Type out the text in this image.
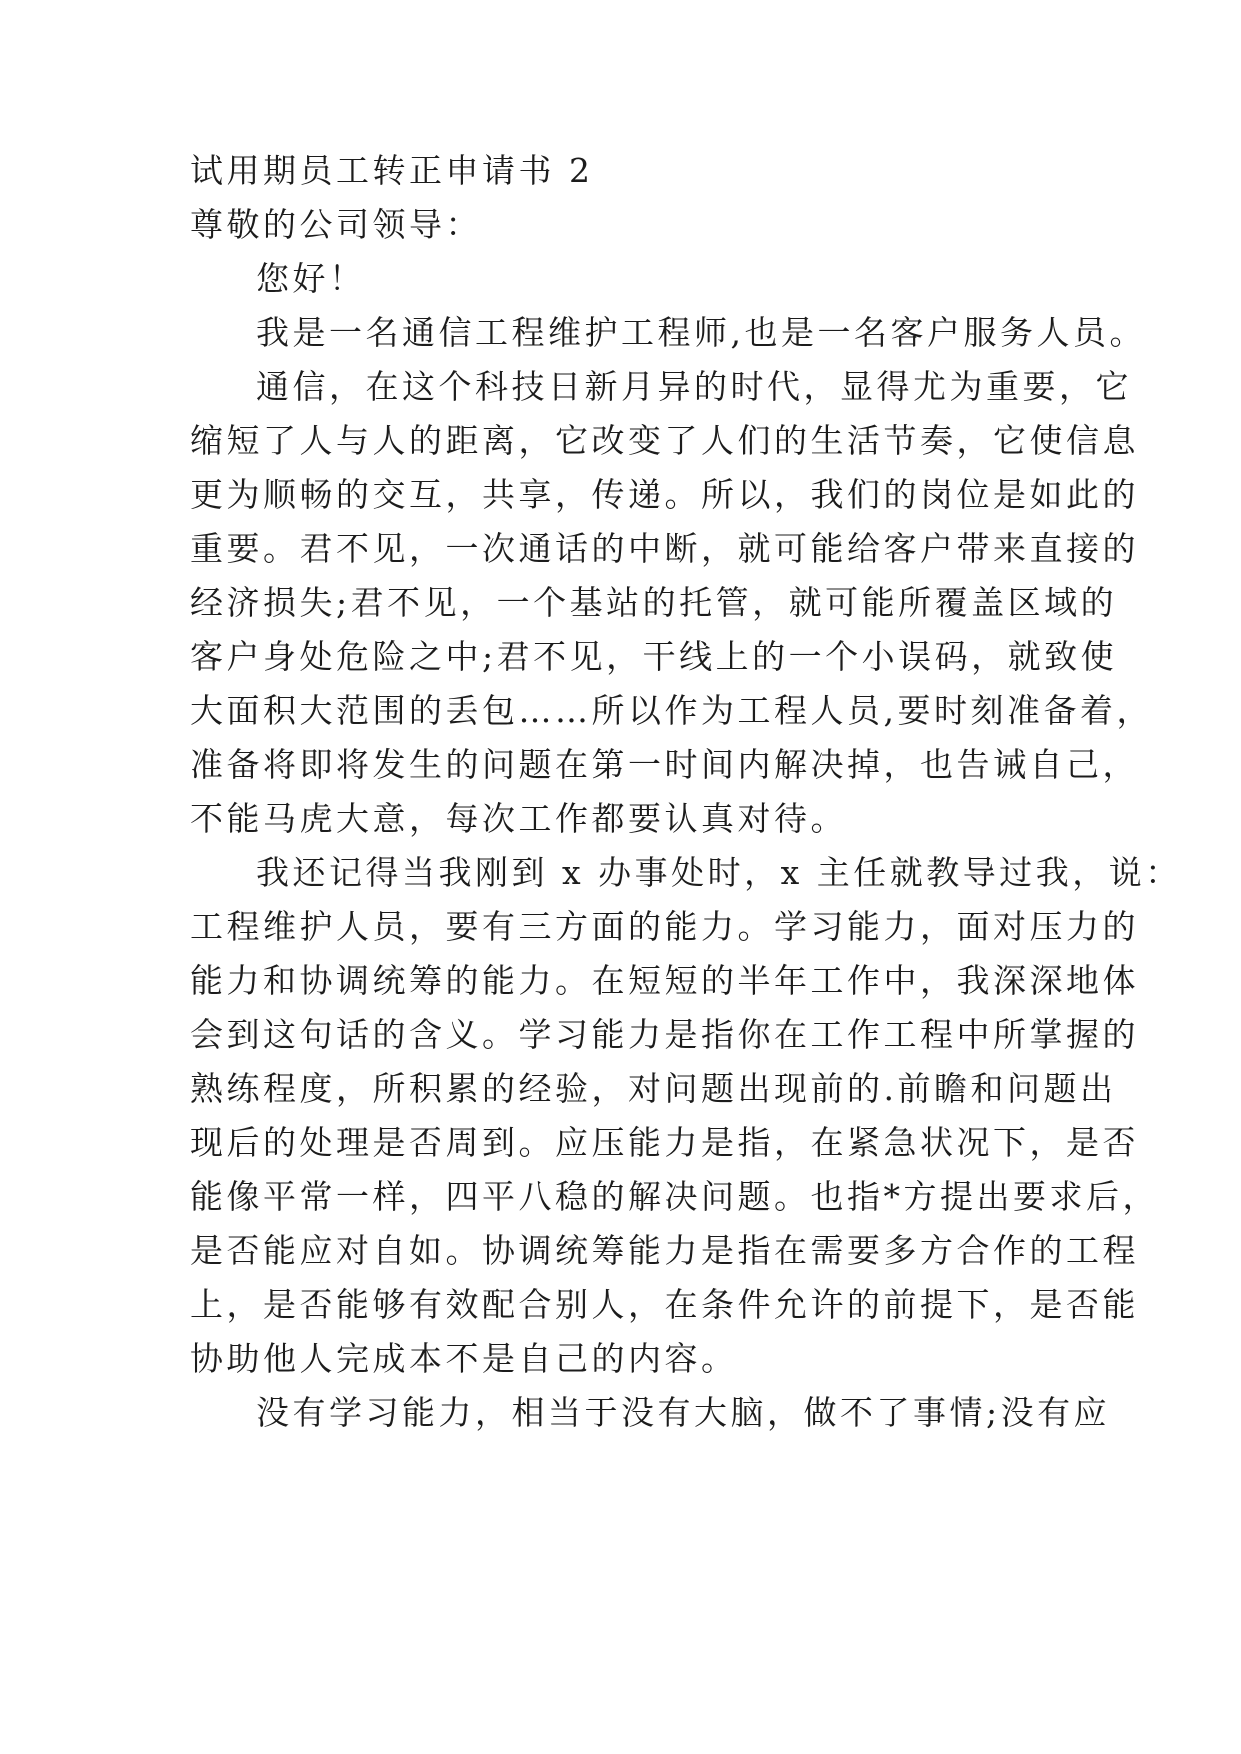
试用期员工转正申请书 2
尊敬的公司领导：
您好！
我是一名通信工程维护工程师,也是一名客户服务人员。
通信，在这个科技日新月异的时代，显得尤为重要，它
缩短了人与人的距离，它改变了人们的生活节奏，它使信息
更为顺畅的交互，共享，传递。所以，我们的岗位是如此的
重要。君不见，一次通话的中断，就可能给客户带来直接的
经济损失;君不见，一个基站的托管，就可能所覆盖区域的
客户身处危险之中;君不见，干线上的一个小误码，就致使
大面积大范围的丢包……所以作为工程人员,要时刻准备着，
准备将即将发生的问题在第一时间内解决掉，也告诫自己，
不能马虎大意，每次工作都要认真对待。
我还记得当我刚到 x 办事处时，x 主任就教导过我，说：
工程维护人员，要有三方面的能力。学习能力，面对压力的
能力和协调统筹的能力。在短短的半年工作中，我深深地体
会到这句话的含义。学习能力是指你在工作工程中所掌握的
熟练程度，所积累的经验，对问题出现前的.前瞻和问题出
现后的处理是否周到。应压能力是指，在紧急状况下，是否
能像平常一样，四平八稳的解决问题。也指*方提出要求后，
是否能应对自如。协调统筹能力是指在需要多方合作的工程
上，是否能够有效配合别人，在条件允许的前提下，是否能
协助他人完成本不是自己的内容。
没有学习能力，相当于没有大脑，做不了事情;没有应
